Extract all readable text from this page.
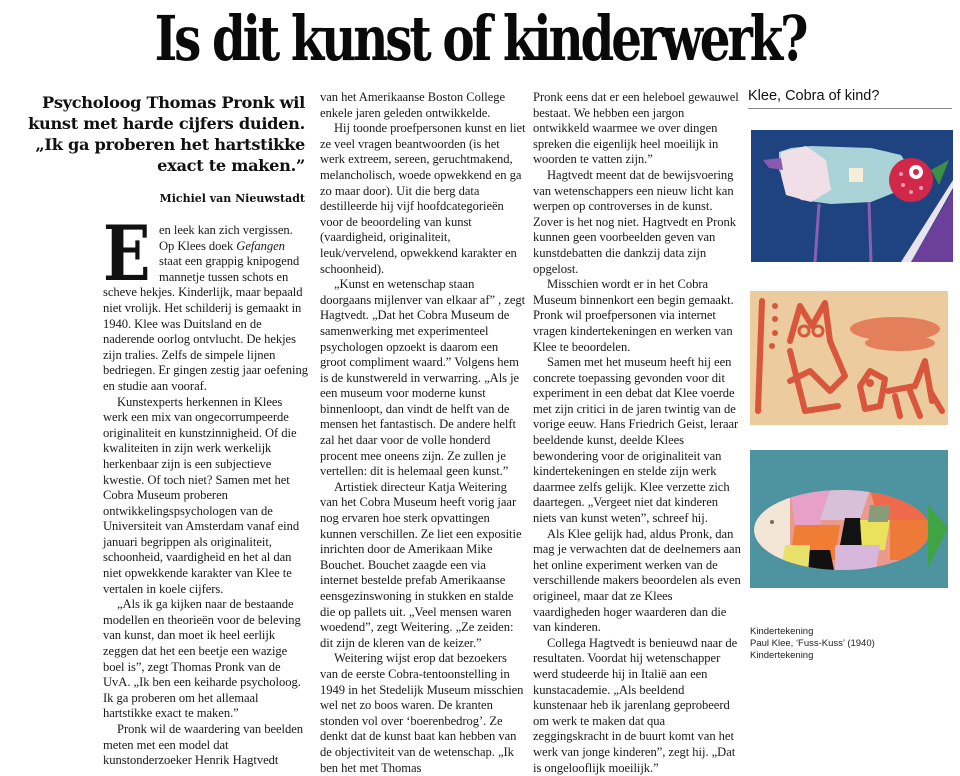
Is dit kunst of kinderwerk?
Psycholoog Thomas Pronk wil kunst met harde cijfers duiden. „Ik ga proberen het hartstikke exact te maken.”
Michiel van Nieuwstadt

Een leek kan zich vergissen. Op Klees doek Gefangen staat een grappig knipogend mannetje tussen schots en scheve hekjes. Kinderlijk, maar bepaald niet vrolijk. Het schilderij is gemaakt in 1940. Klee was Duitsland en de naderende oorlog ontvlucht. De hekjes zijn tralies. Zelfs de simpele lijnen bedriegen. Er gingen zestig jaar oefening en studie aan vooraf.

Kunstexperts herkennen in Klees werk een mix van ongecorrumpeerde originaliteit en kunstzinnigheid. Of die kwaliteiten in zijn werk werkelijk herkenbaar zijn is een subjectieve kwestie. Of toch niet? Samen met het Cobra Museum proberen ontwikkelingspsychologen van de Universiteit van Amsterdam vanaf eind januari begrippen als originaliteit, schoonheid, vaardigheid en het al dan niet opwekkende karakter van Klee te vertalen in koele cijfers.

„Als ik ga kijken naar de bestaande modellen en theorieën voor de beleving van kunst, dan moet ik heel eerlijk zeggen dat het een beetje een wazige boel is”, zegt Thomas Pronk van de UvA. „Ik ben een keiharde psycholoog. Ik ga proberen om het allemaal hartstikke exact te maken.”

Pronk wil de waardering van beelden meten met een model dat kunstonderzoeker Henrik Hagtvedt

van het Amerikaanse Boston College enkele jaren geleden ontwikkelde.

Hij toonde proefpersonen kunst en liet ze veel vragen beantwoorden (is het werk extreem, sereen, geruchtmakend, melancholisch, woede opwekkend en ga zo maar door). Uit die berg data destilleerde hij vijf hoofdcategorieën voor de beoordeling van kunst (vaardigheid, originaliteit, leuk/vervelend, opwekkend karakter en schoonheid).

„Kunst en wetenschap staan doorgaans mijlenver van elkaar af” , zegt Hagtvedt. „Dat het Cobra Museum de samenwerking met experimenteel psychologen opzoekt is daarom een groot compliment waard.” Volgens hem is de kunstwereld in verwarring. „Als je een museum voor moderne kunst binnenloopt, dan vindt de helft van de mensen het fantastisch. De andere helft zal het daar voor de volle honderd procent mee oneens zijn. Ze zullen je vertellen: dit is helemaal geen kunst.”

Artistiek directeur Katja Weitering van het Cobra Museum heeft vorig jaar nog ervaren hoe sterk opvattingen kunnen verschillen. Ze liet een expositie inrichten door de Amerikaan Mike Bouchet. Bouchet zaagde een via internet bestelde prefab Amerikaanse eensgezinswoning in stukken en stalde die op pallets uit. „Veel mensen waren woedend”, zegt Weitering. „Ze zeiden: dit zijn de kleren van de keizer.”

Weitering wijst erop dat bezoekers van de eerste Cobra-tentoonstelling in 1949 in het Stedelijk Museum misschien wel net zo boos waren. De kranten stonden vol over ‘boerenbedrog’. Ze denkt dat de kunst baat kan hebben van de objectiviteit van de wetenschap. „Ik ben het met Thomas

Pronk eens dat er een heleboel gewauwel bestaat. We hebben een jargon ontwikkeld waarmee we over dingen spreken die eigenlijk heel moeilijk in woorden te vatten zijn.”

Hagtvedt meent dat de bewijsvoering van wetenschappers een nieuw licht kan werpen op controverses in de kunst. Zover is het nog niet. Hagtvedt en Pronk kunnen geen voorbeelden geven van kunstdebatten die dankzij data zijn opgelost.

Misschien wordt er in het Cobra Museum binnenkort een begin gemaakt. Pronk wil proefpersonen via internet vragen kindertekeningen en werken van Klee te beoordelen.

Samen met het museum heeft hij een concrete toepassing gevonden voor dit experiment in een debat dat Klee voerde met zijn critici in de jaren twintig van de vorige eeuw. Hans Friedrich Geist, leraar beeldende kunst, deelde Klees bewondering voor de originaliteit van kindertekeningen en stelde zijn werk daarmee zelfs gelijk. Klee verzette zich daartegen. „Vergeet niet dat kinderen niets van kunst weten”, schreef hij.

Als Klee gelijk had, aldus Pronk, dan mag je verwachten dat de deelnemers aan het online experiment werken van de verschillende makers beoordelen als even origineel, maar dat ze Klees vaardigheden hoger waarderen dan die van kinderen.

Collega Hagtvedt is benieuwd naar de resultaten. Voordat hij wetenschapper werd studeerde hij in Italië aan een kunstacademie. „Als beeldend kunstenaar heb ik jarenlang geprobeerd om werk te maken dat qua zeggingskracht in de buurt komt van het werk van jonge kinderen”, zegt hij. „Dat is ongelooflijk moeilijk.”

Klee, Cobra of kind?
Kindertekening
Paul Klee, ‘Fuss-Kuss’ (1940)
Kindertekening
